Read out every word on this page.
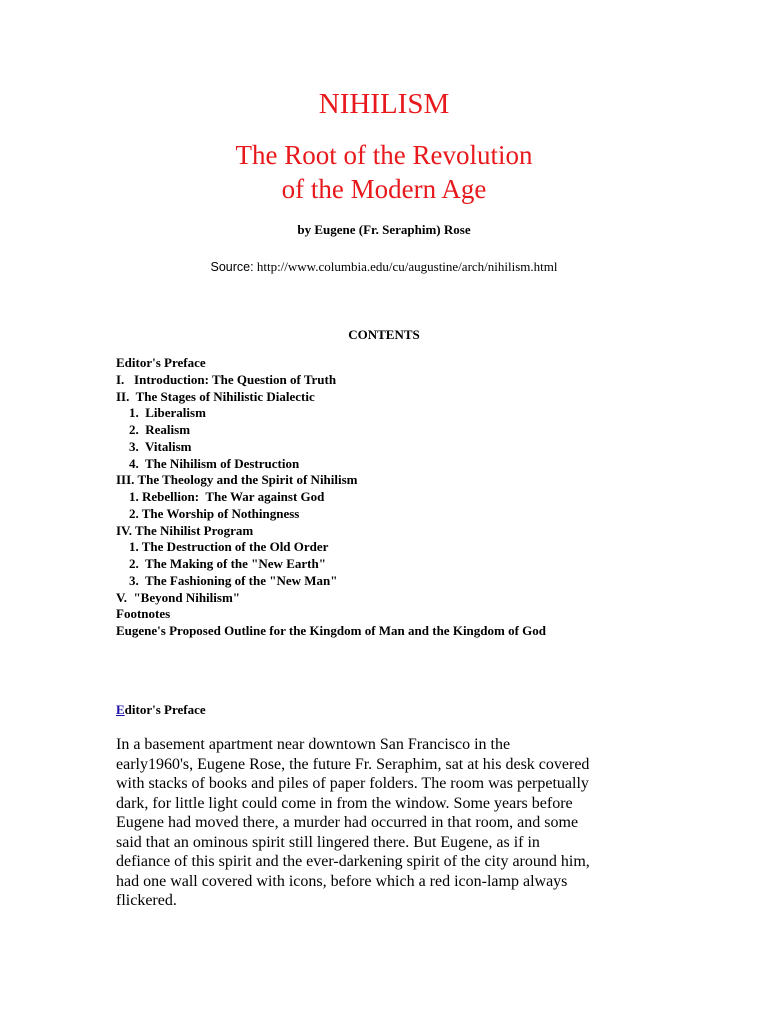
NIHILISM
The Root of the Revolution
of the Modern Age
by Eugene (Fr. Seraphim) Rose
Source: http://www.columbia.edu/cu/augustine/arch/nihilism.html
CONTENTS
Editor's Preface
I.   Introduction: The Question of Truth
II.  The Stages of Nihilistic Dialectic
1.  Liberalism
2.  Realism
3.  Vitalism
4.  The Nihilism of Destruction
III. The Theology and the Spirit of Nihilism
1. Rebellion:  The War against God
2. The Worship of Nothingness
IV. The Nihilist Program
1. The Destruction of the Old Order
2.  The Making of the "New Earth"
3.  The Fashioning of the "New Man"
V.  "Beyond Nihilism"
Footnotes
Eugene's Proposed Outline for the Kingdom of Man and the Kingdom of God
Editor's Preface

In a basement apartment near downtown San Francisco in the
early1960's, Eugene Rose, the future Fr. Seraphim, sat at his desk covered
with stacks of books and piles of paper folders. The room was perpetually
dark, for little light could come in from the window. Some years before
Eugene had moved there, a murder had occurred in that room, and some
said that an ominous spirit still lingered there. But Eugene, as if in
defiance of this spirit and the ever-darkening spirit of the city around him,
had one wall covered with icons, before which a red icon-lamp always
flickered.
